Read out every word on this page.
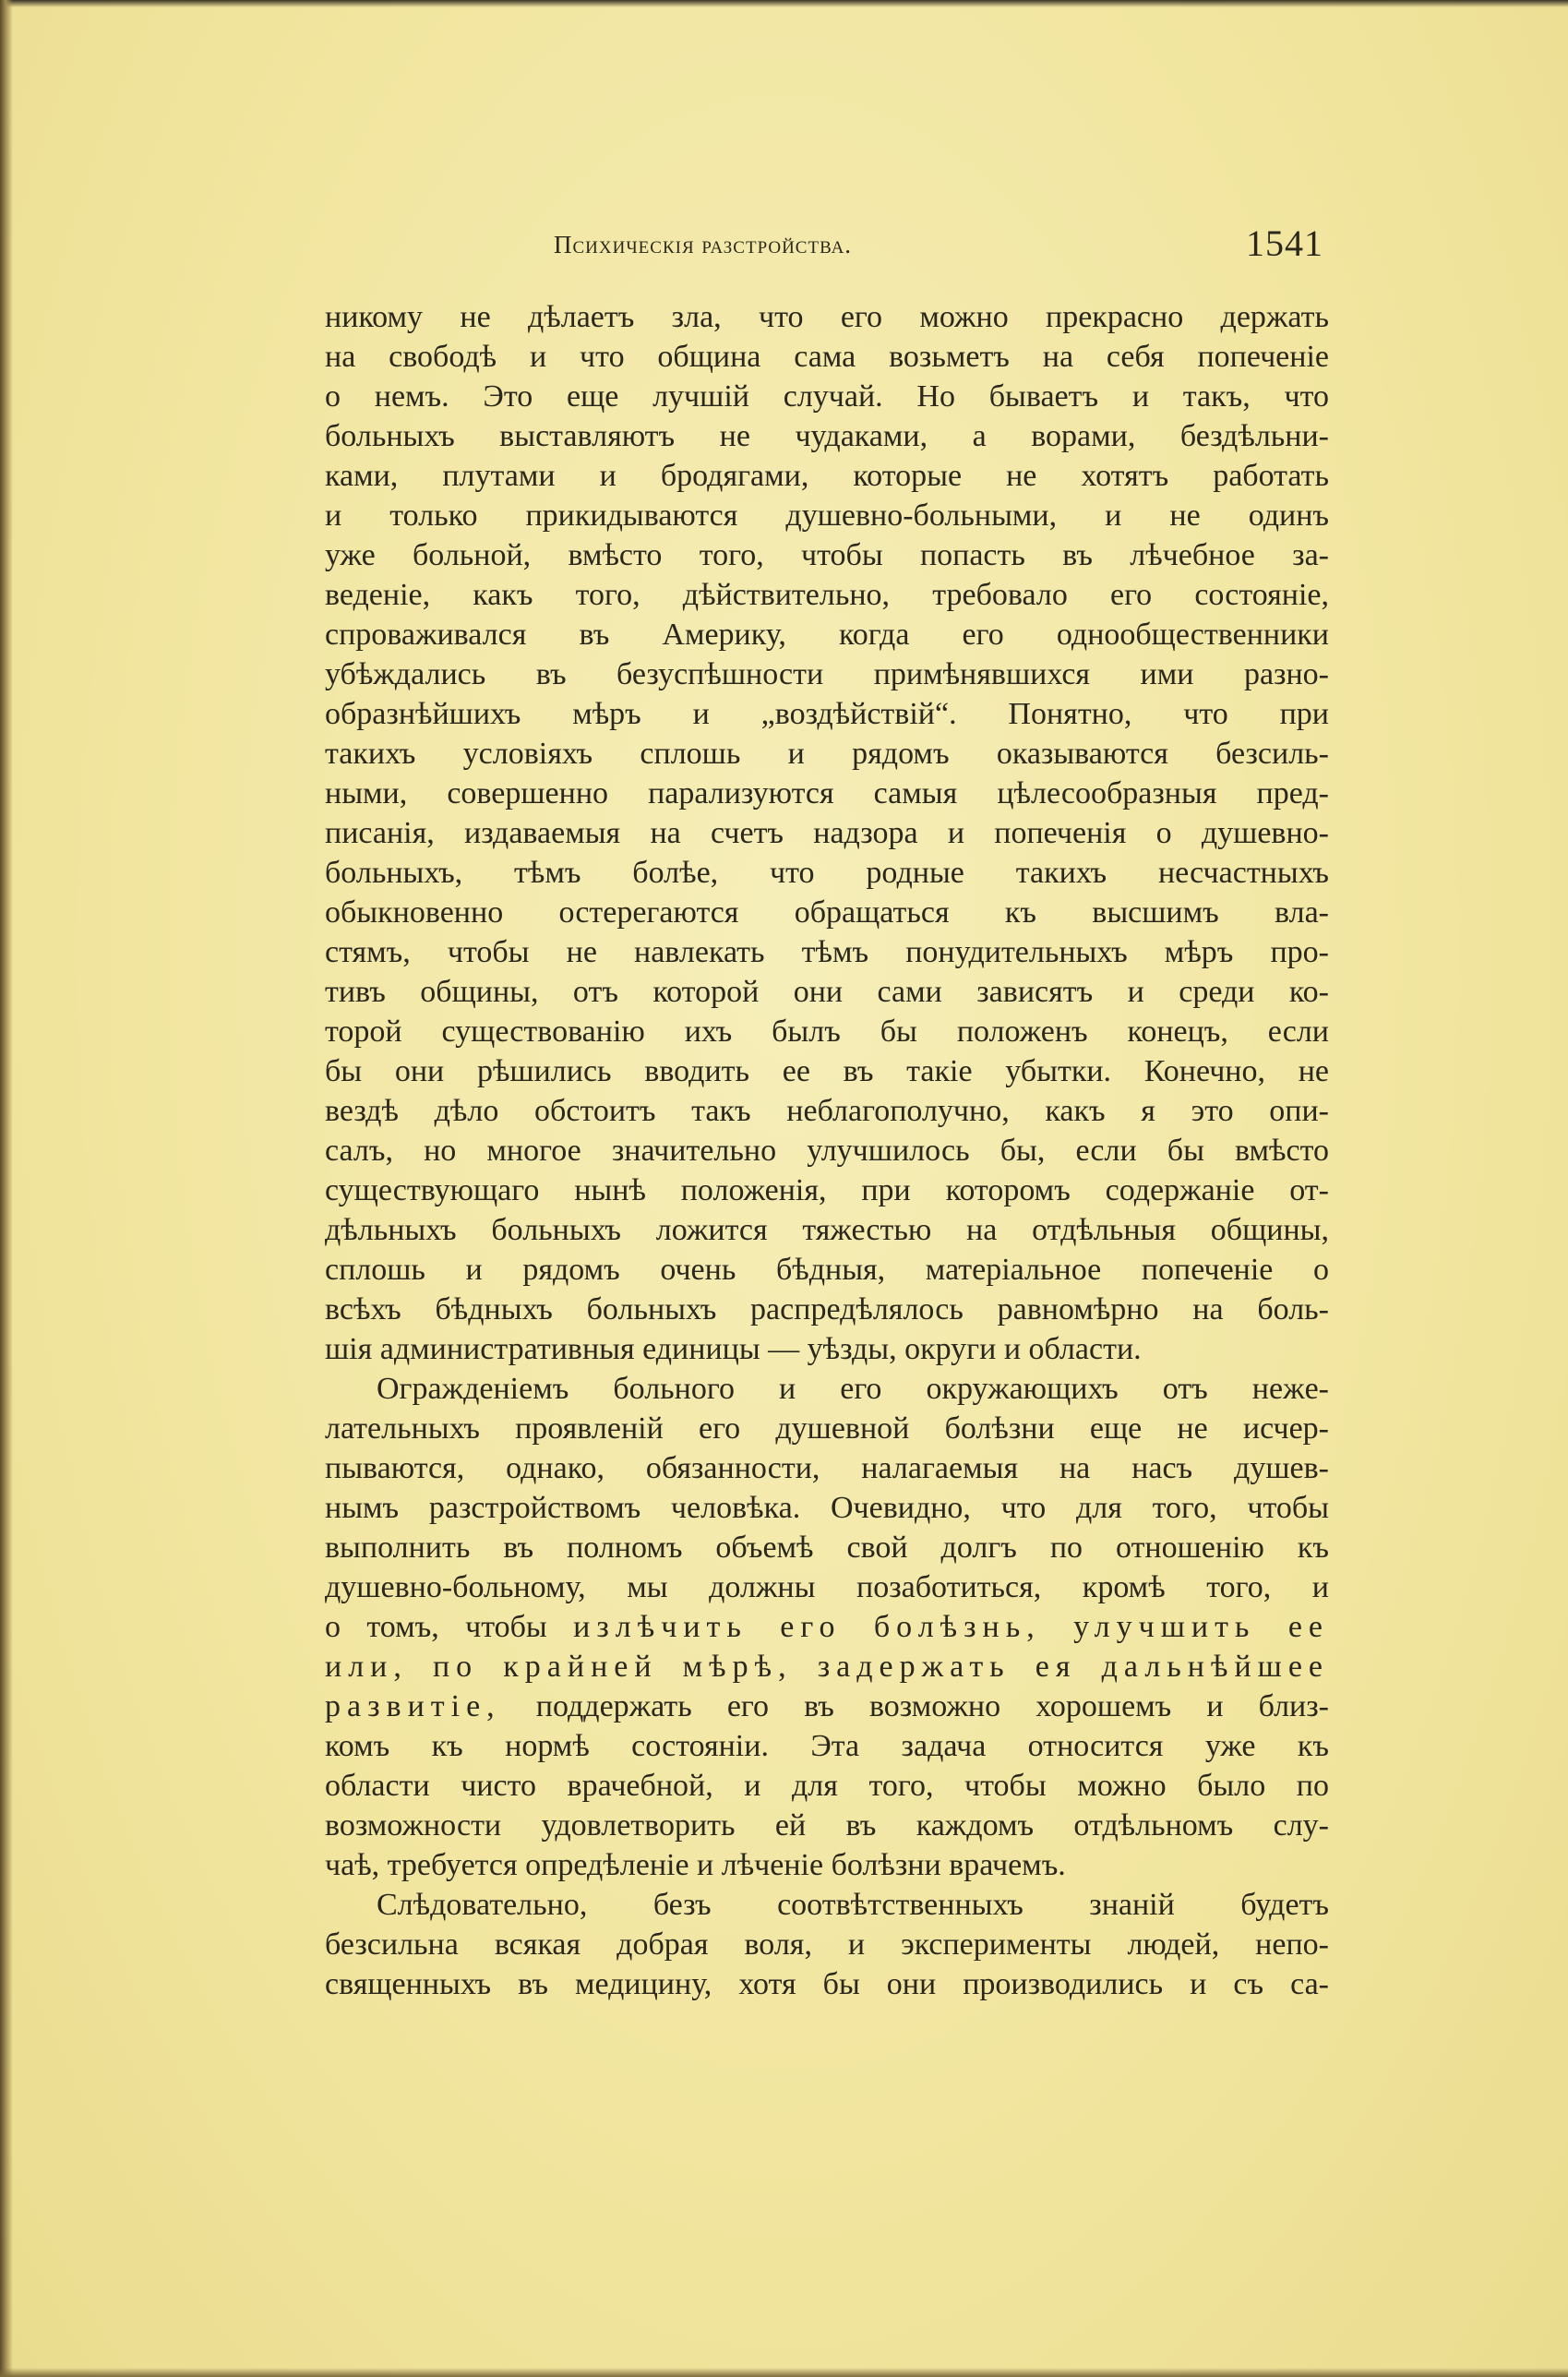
Психическія разстройства.	1541
никому не дѣлаетъ зла, что его можно прекрасно держать
на свободѣ и что община сама возьметъ на себя попеченіе
о немъ. Это еще лучшій случай. Но бываетъ и такъ, что
больныхъ выставляютъ не чудаками, а ворами, бездѣльни-
ками, плутами и бродягами, которые не хотятъ работать
и только прикидываются душевно-больными, и не одинъ
уже больной, вмѣсто того, чтобы попасть въ лѣчебное за-
веденіе, какъ того, дѣйствительно, требовало его состояніе,
спроваживался въ Америку, когда его однообщественники
убѣждались въ безуспѣшности примѣнявшихся ими разно-
образнѣйшихъ мѣръ и „воздѣйствій“. Понятно, что при
такихъ условіяхъ сплошь и рядомъ оказываются безсиль-
ными, совершенно парализуются самыя цѣлесообразныя пред-
писанія, издаваемыя на счетъ надзора и попеченія о душевно-
больныхъ, тѣмъ болѣе, что родные такихъ несчастныхъ
обыкновенно остерегаются обращаться къ высшимъ вла-
стямъ, чтобы не навлекать тѣмъ понудительныхъ мѣръ про-
тивъ общины, отъ которой они сами зависятъ и среди ко-
торой существованію ихъ былъ бы положенъ конецъ, если
бы они рѣшились вводить ее въ такіе убытки. Конечно, не
вездѣ дѣло обстоитъ такъ неблагополучно, какъ я это опи-
салъ, но многое значительно улучшилось бы, если бы вмѣсто
существующаго нынѣ положенія, при которомъ содержаніе от-
дѣльныхъ больныхъ ложится тяжестью на отдѣльныя общины,
сплошь и рядомъ очень бѣдныя, матеріальное попеченіе о
всѣхъ бѣдныхъ больныхъ распредѣлялось равномѣрно на боль-
шія административныя единицы — уѣзды, округи и области.
Огражденіемъ больного и его окружающихъ отъ нежe-
лательныхъ проявленій его душевной болѣзни еще не исчер-
пываются, однако, обязанности, налагаемыя на насъ душев-
нымъ разстройствомъ человѣка. Очевидно, что для того, чтобы
выполнить въ полномъ объемѣ свой долгъ по отношенію къ
душевно-больному, мы должны позаботиться, кромѣ того, и
о томъ, чтобы излѣчить его болѣзнь, улучшить ее
или, по крайней мѣрѣ, задержать ея дальнѣйшее
развитіе, поддержать его въ возможно хорошемъ и близ-
комъ къ нормѣ состояніи. Эта задача относится уже къ
области чисто врачебной, и для того, чтобы можно было по
возможности удовлетворить ей въ каждомъ отдѣльномъ слу-
чаѣ, требуется опредѣленіе и лѣченіе болѣзни врачемъ.
Слѣдовательно, безъ соотвѣтственныхъ знаній будетъ
безсильна всякая добрая воля, и эксперименты людей, непо-
священныхъ въ медицину, хотя бы они производились и съ са-
